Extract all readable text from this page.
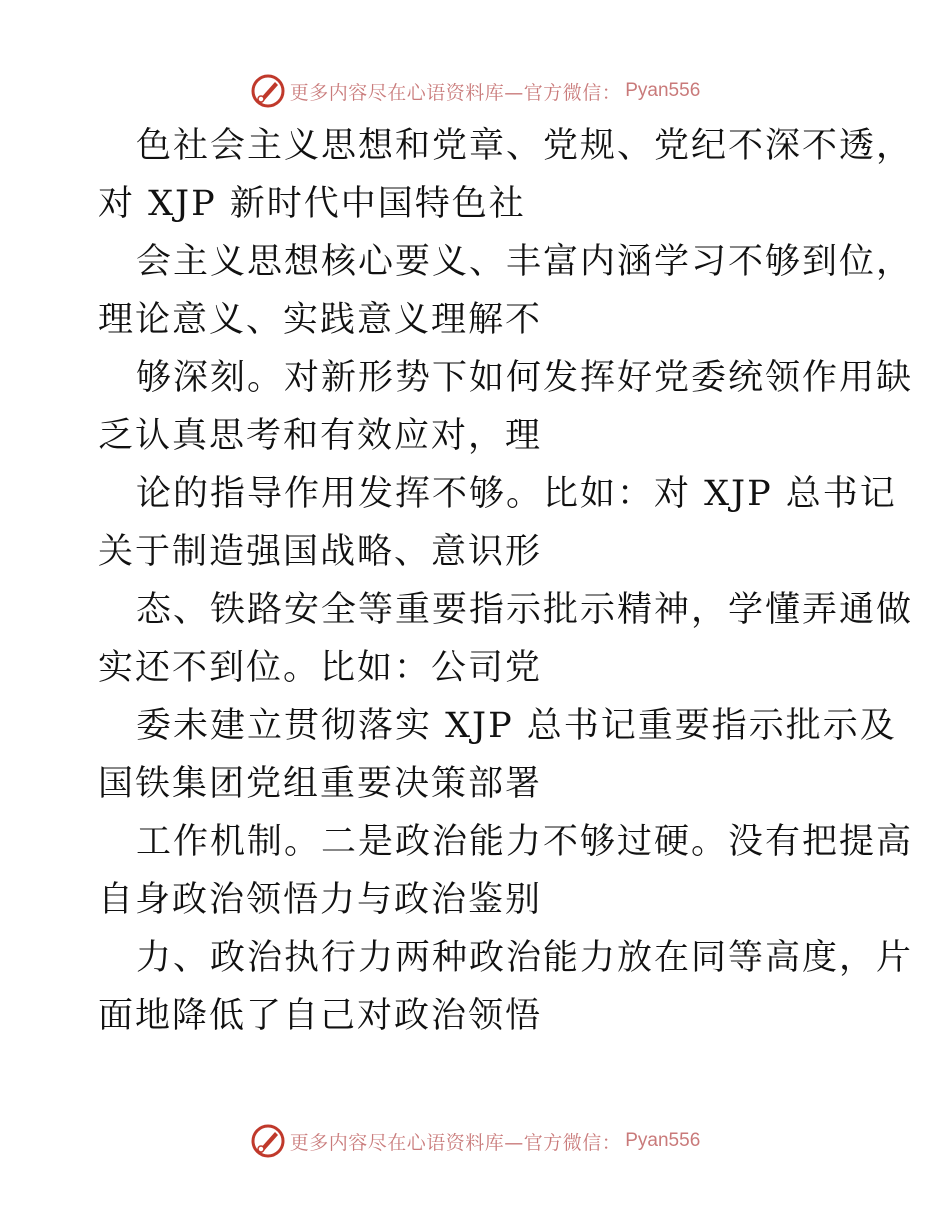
更多内容尽在心语资料库—官方微信： Pyan556
色社会主义思想和党章、党规、党纪不深不透，
对 XJP 新时代中国特色社
会主义思想核心要义、丰富内涵学习不够到位，
理论意义、实践意义理解不
够深刻。对新形势下如何发挥好党委统领作用缺
乏认真思考和有效应对，理
论的指导作用发挥不够。比如：对 XJP 总书记
关于制造强国战略、意识形
态、铁路安全等重要指示批示精神，学懂弄通做
实还不到位。比如：公司党
委未建立贯彻落实 XJP 总书记重要指示批示及
国铁集团党组重要决策部署
工作机制。二是政治能力不够过硬。没有把提高
自身政治领悟力与政治鉴别
力、政治执行力两种政治能力放在同等高度，片
面地降低了自己对政治领悟
更多内容尽在心语资料库—官方微信： Pyan556
